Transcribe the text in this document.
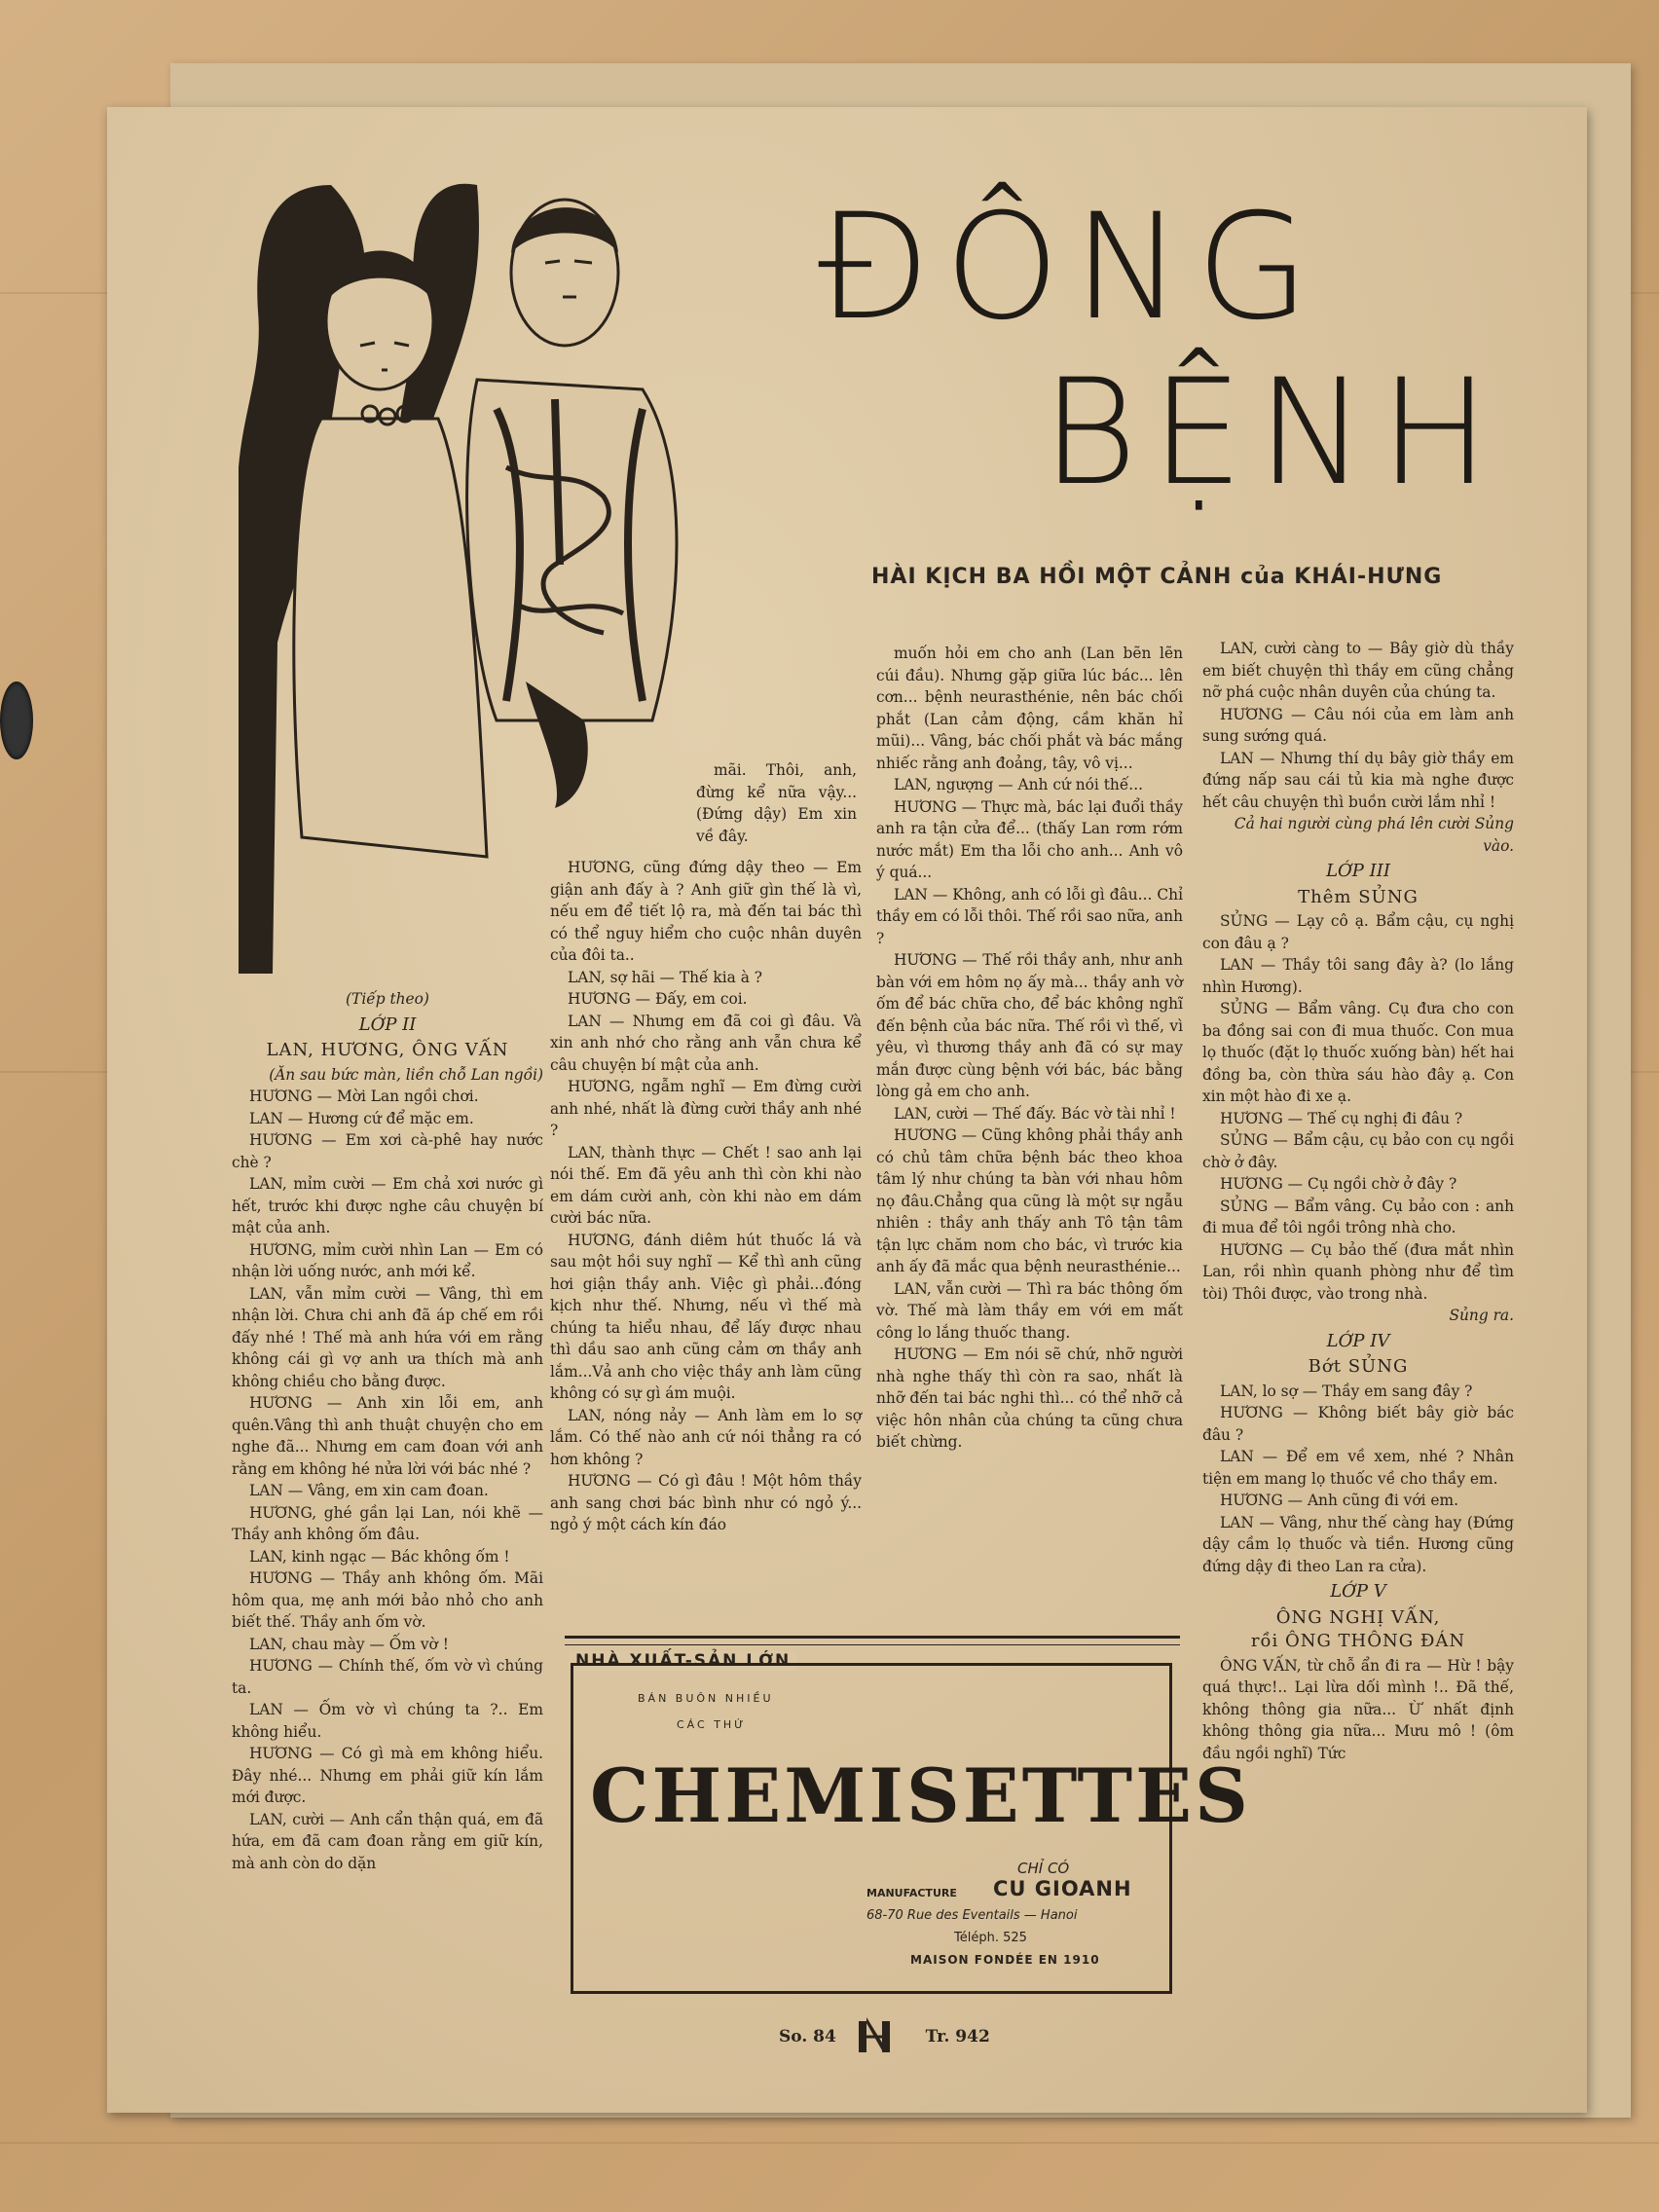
ĐÔNG
BỆNH
HÀI KỊCH BA HỒI MỘT CẢNH của KHÁI-HƯNG

(Tiếp theo)

LỚP II

LAN, HƯƠNG, ÔNG VẤN

(Ăn sau bức màn, liền chỗ Lan ngồi)

HƯƠNG — Mời Lan ngồi chơi.

LAN — Hương cứ để mặc em.

HƯƠNG — Em xơi cà-phê hay nước chè ?

LAN, mỉm cười — Em chả xơi nước gì hết, trước khi được nghe câu chuyện bí mật của anh.

HƯƠNG, mỉm cười nhìn Lan — Em có nhận lời uống nước, anh mới kể.

LAN, vẫn mỉm cười — Vâng, thì em nhận lời. Chưa chi anh đã áp chế em rồi đấy nhé ! Thế mà anh hứa với em rằng không cái gì vợ anh ưa thích mà anh không chiều cho bằng được.

HƯƠNG — Anh xin lỗi em, anh quên.Vâng thì anh thuật chuyện cho em nghe đã... Nhưng em cam đoan với anh rằng em không hé nửa lời với bác nhé ?

LAN — Vâng, em xin cam đoan.

HƯƠNG, ghé gần lại Lan, nói khẽ — Thầy anh không ốm đâu.

LAN, kinh ngạc — Bác không ốm !

HƯƠNG — Thầy anh không ốm. Mãi hôm qua, mẹ anh mới bảo nhỏ cho anh biết thế. Thầy anh ốm vờ.

LAN, chau mày — Ốm vờ !

HƯƠNG — Chính thế, ốm vờ vì chúng ta.

LAN — Ốm vờ vì chúng ta ?.. Em không hiểu.

HƯƠNG — Có gì mà em không hiểu. Đây nhé... Nhưng em phải giữ kín lắm mới được.

LAN, cười — Anh cẩn thận quá, em đã hứa, em đã cam đoan rằng em giữ kín, mà anh còn do dặn

mãi. Thôi, anh, đừng kể nữa vậy... (Đứng dậy) Em xin về đây.

HƯƠNG, cũng đứng dậy theo — Em giận anh đấy à ? Anh giữ gìn thế là vì, nếu em để tiết lộ ra, mà đến tai bác thì có thể nguy hiểm cho cuộc nhân duyên của đôi ta..

LAN, sợ hãi — Thế kia à ?

HƯƠNG — Đấy, em coi.

LAN — Nhưng em đã coi gì đâu. Và xin anh nhớ cho rằng anh vẫn chưa kể câu chuyện bí mật của anh.

HƯƠNG, ngẫm nghĩ — Em đừng cười anh nhé, nhất là đừng cười thầy anh nhé ?

LAN, thành thực — Chết ! sao anh lại nói thế. Em đã yêu anh thì còn khi nào em dám cười anh, còn khi nào em dám cười bác nữa.

HƯƠNG, đánh diêm hút thuốc lá và sau một hồi suy nghĩ — Kể thì anh cũng hơi giận thầy anh. Việc gì phải...đóng kịch như thế. Nhưng, nếu vì thế mà chúng ta hiểu nhau, để lấy được nhau thì dầu sao anh cũng cảm ơn thầy anh lắm...Vả anh cho việc thầy anh làm cũng không có sự gì ám muội.

LAN, nóng nảy — Anh làm em lo sợ lắm. Có thế nào anh cứ nói thẳng ra có hơn không ?

HƯƠNG — Có gì đâu ! Một hôm thầy anh sang chơi bác bình như có ngỏ ý... ngỏ ý một cách kín đáo

muốn hỏi em cho anh (Lan bẽn lẽn cúi đầu). Nhưng gặp giữa lúc bác... lên cơn... bệnh neurasthénie, nên bác chối phắt (Lan cảm động, cầm khăn hỉ mũi)... Vâng, bác chối phắt và bác mắng nhiếc rằng anh đoảng, tây, vô vị...

LAN, ngượng — Anh cứ nói thế...

HƯƠNG — Thực mà, bác lại đuổi thầy anh ra tận cửa để... (thấy Lan rơm rớm nước mắt) Em tha lỗi cho anh... Anh vô ý quá...

LAN — Không, anh có lỗi gì đâu... Chỉ thầy em có lỗi thôi. Thế rồi sao nữa, anh ?

HƯƠNG — Thế rồi thầy anh, như anh bàn với em hôm nọ ấy mà... thầy anh vờ ốm để bác chữa cho, để bác không nghĩ đến bệnh của bác nữa. Thế rồi vì thế, vì yêu, vì thương thầy anh đã có sự may mắn được cùng bệnh với bác, bác bằng lòng gả em cho anh.

LAN, cười — Thế đấy. Bác vờ tài nhỉ !

HƯƠNG — Cũng không phải thầy anh có chủ tâm chữa bệnh bác theo khoa tâm lý như chúng ta bàn với nhau hôm nọ đâu.Chẳng qua cũng là một sự ngẫu nhiên : thầy anh thấy anh Tô tận tâm tận lực chăm nom cho bác, vì trước kia anh ấy đã mắc qua bệnh neurasthénie...

LAN, vẫn cười — Thì ra bác thông ốm vờ. Thế mà làm thầy em với em mất công lo lắng thuốc thang.

HƯƠNG — Em nói sẽ chứ, nhỡ người nhà nghe thấy thì còn ra sao, nhất là nhỡ đến tai bác nghi thì... có thể nhỡ cả việc hôn nhân của chúng ta cũng chưa biết chừng.

LAN, cười càng to — Bây giờ dù thầy em biết chuyện thì thầy em cũng chẳng nỡ phá cuộc nhân duyên của chúng ta.

HƯƠNG — Câu nói của em làm anh sung sướng quá.

LAN — Nhưng thí dụ bây giờ thầy em đứng nấp sau cái tủ kia mà nghe được hết câu chuyện thì buồn cười lắm nhỉ !

Cả hai người cùng phá lên cười Sủng vào.

LỚP III

Thêm SỦNG

SỦNG — Lạy cô ạ. Bẩm cậu, cụ nghị con đâu ạ ?

LAN — Thầy tôi sang đây à? (lo lắng nhìn Hương).

SỦNG — Bẩm vâng. Cụ đưa cho con ba đồng sai con đi mua thuốc. Con mua lọ thuốc (đặt lọ thuốc xuống bàn) hết hai đồng ba, còn thừa sáu hào đây ạ. Con xin một hào đi xe ạ.

HƯƠNG — Thế cụ nghị đi đâu ?

SỦNG — Bẩm cậu, cụ bảo con cụ ngồi chờ ở đây.

HƯƠNG — Cụ ngồi chờ ở đây ?

SỦNG — Bẩm vâng. Cụ bảo con : anh đi mua để tôi ngồi trông nhà cho.

HƯƠNG — Cụ bảo thế (đưa mắt nhìn Lan, rồi nhìn quanh phòng như để tìm tòi) Thôi được, vào trong nhà.

Sủng ra.

LỚP IV

Bớt SỦNG

LAN, lo sợ — Thầy em sang đây ?

HƯƠNG — Không biết bây giờ bác đâu ?

LAN — Để em về xem, nhé ? Nhân tiện em mang lọ thuốc về cho thầy em.

HƯƠNG — Anh cũng đi với em.

LAN — Vâng, như thế càng hay (Đứng dậy cầm lọ thuốc và tiền. Hương cũng đứng dậy đi theo Lan ra cửa).

LỚP V

ÔNG NGHỊ VẤN,

rồi ÔNG THÔNG ĐÁN

ÔNG VẤN, từ chỗ ẩn đi ra — Hừ ! bậy quá thực!.. Lại lừa dối mình !.. Đã thế, không thông gia nữa... Ừ nhất định không thông gia nữa... Mưu mô ! (ôm đầu ngồi nghĩ) Tức

NHÀ XUẤT-SẢN LỚN
BÁN BUÔN NHIỀU
CÁC THỨ
CHEMISETTES
CHỈ CÓ
MANUFACTURE CU GIOANH
68-70 Rue des Eventails — Hanoi
Téléph. 525
MAISON FONDÉE EN 1910
So. 84	Tr. 942
